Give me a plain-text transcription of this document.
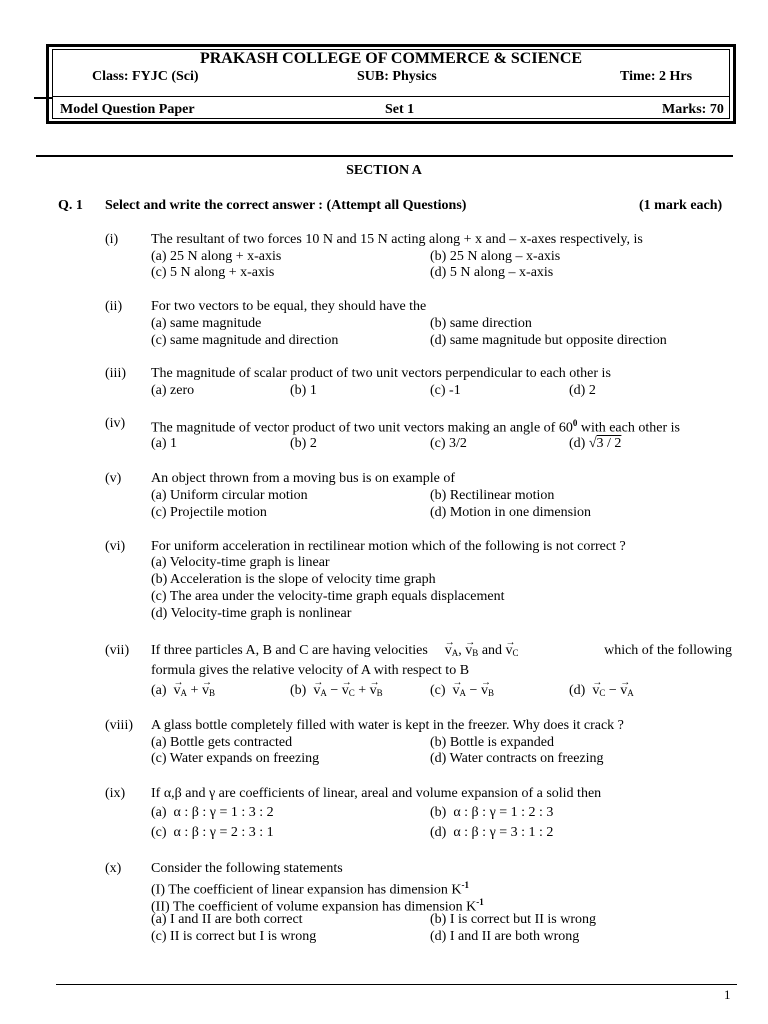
PRAKASH COLLEGE OF COMMERCE & SCIENCE
Class: FYJC (Sci)	SUB: Physics	Time: 2 Hrs
Model Question Paper	Set 1	Marks: 70
SECTION A
Q. 1 Select and write the correct answer : (Attempt all Questions)	(1 mark each)
(i) The resultant of two forces 10 N and 15 N acting along + x and – x-axes respectively, is
(a) 25 N along + x-axis	(b) 25 N along – x-axis
(c) 5 N along + x-axis	(d) 5 N along – x-axis
(ii) For two vectors to be equal, they should have the
(a) same magnitude	(b) same direction
(c) same magnitude and direction	(d) same magnitude but opposite direction
(iii) The magnitude of scalar product of two unit vectors perpendicular to each other is
(a) zero	(b) 1	(c) -1	(d) 2
(iv) The magnitude of vector product of two unit vectors making an angle of $60^0$ with each other is
(a) 1	(b) 2	(c) 3/2	(d) √3 / 2
(v) An object thrown from a moving bus is on example of
(a) Uniform circular motion	(b) Rectilinear motion
(c) Projectile motion	(d) Motion in one dimension
(vi) For uniform acceleration in rectilinear motion which of the following is not correct ?
(a) Velocity-time graph is linear
(b) Acceleration is the slope of velocity time graph
(c) The area under the velocity-time graph equals displacement
(d) Velocity-time graph is nonlinear
(vii) If three particles A, B and C are having velocities → $v_A$, → $v_B$ and → $v_C$	which of the following
formula gives the relative velocity of A with respect to B
$(a) \to v_A$ + → $v_B$	$(b) \to v_A$ − → $v_C$ + → $v_B$	$(c) \to v_A$ − → $v_B$	$(d) \to v_C$ − → $v_A$
(viii) A glass bottle completely filled with water is kept in the freezer. Why does it crack ?
(a) Bottle gets contracted	(b) Bottle is expanded
(c) Water expands on freezing	(d) Water contracts on freezing
(ix) If α,β and γ are coefficients of linear, areal and volume expansion of a solid then
(a) α : β : γ = 1 : 3 : 2	(b) α : β : γ = 1 : 2 : 3
(c) α : β : γ = 2 : 3 : 1	(d) α : β : γ = 3 : 1 : 2
(x) Consider the following statements
(I) The coefficient of linear expansion has dimension $K^{-1}$
(II) The coefficient of volume expansion has dimension $K^{-1}$
(a) I and II are both correct	(b) I is correct but II is wrong
(c) II is correct but I is wrong	(d) I and II are both wrong
1
